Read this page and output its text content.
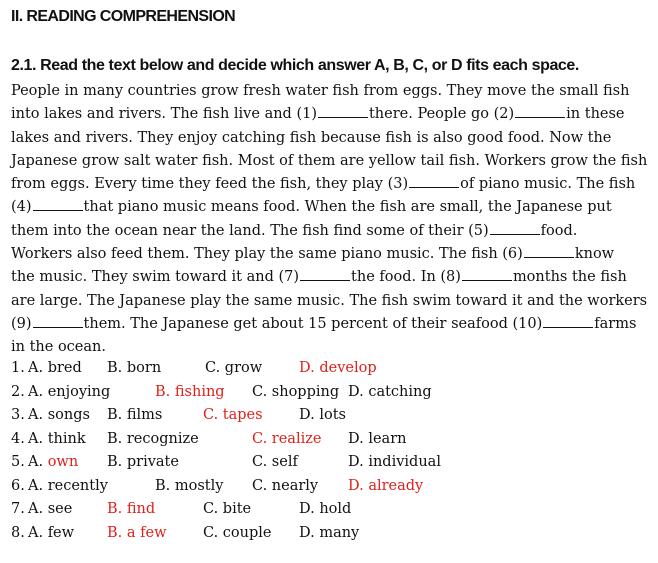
II. READING COMPREHENSION
2.1. Read the text below and decide which answer A, B, C, or D fits each space.
People in many countries grow fresh water fish from eggs. They move the small fish
into lakes and rivers. The fish live and (1)	there. People go (2)	in these
lakes and rivers. They enjoy catching fish because fish is also good food. Now the
Japanese grow salt water fish. Most of them are yellow tail fish. Workers grow the fish
from eggs. Every time they feed the fish, they play (3)	of piano music. The fish
(4)	that piano music means food. When the fish are small, the Japanese put
them into the ocean near the land. The fish find some of their (5)	food.
Workers also feed them. They play the same piano music. The fish (6)	know
the music. They swim toward it and (7)	the food. In (8)	months the fish
are large. The Japanese play the same music. The fish swim toward it and the workers
(9)	them. The Japanese get about 15 percent of their seafood (10)	farms
in the ocean.
1. A. bred B. born	C. grow	D. develop
2. A. enjoying	B. fishing C. shopping D. catching
3. A. songs B. films	C. tapes	D. lots
4. A. think B. recognize	C. realize D. learn
5. A. own B. private	C. self	D. individual
6. A. recently	B. mostly C. nearly D. already
7. A. see B. find	C. bite	D. hold
8. A. few B. a few	C. couple D. many
